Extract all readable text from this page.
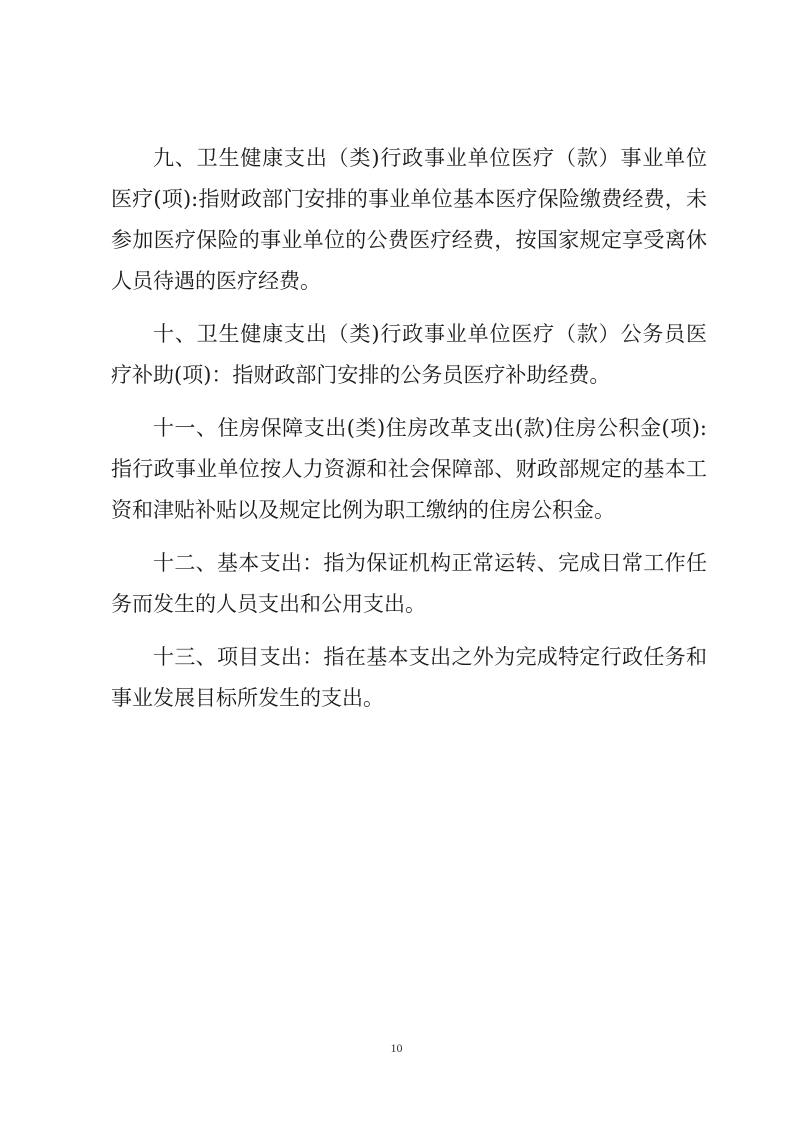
九、卫生健康支出（类)行政事业单位医疗（款）事业单位医疗(项):指财政部门安排的事业单位基本医疗保险缴费经费，未参加医疗保险的事业单位的公费医疗经费，按国家规定享受离休人员待遇的医疗经费。

十、卫生健康支出（类)行政事业单位医疗（款）公务员医疗补助(项)：指财政部门安排的公务员医疗补助经费。

十一、住房保障支出(类)住房改革支出(款)住房公积金(项):指行政事业单位按人力资源和社会保障部、财政部规定的基本工资和津贴补贴以及规定比例为职工缴纳的住房公积金。

十二、基本支出：指为保证机构正常运转、完成日常工作任务而发生的人员支出和公用支出。

十三、项目支出：指在基本支出之外为完成特定行政任务和事业发展目标所发生的支出。

10
